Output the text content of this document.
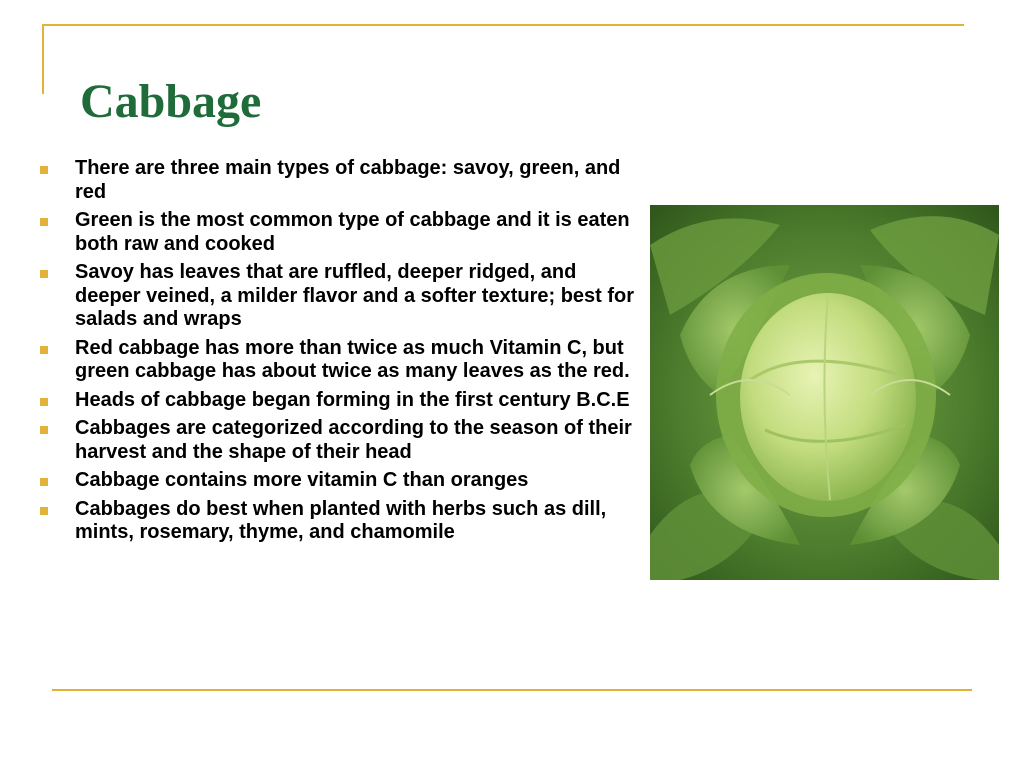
Cabbage
There are three main types of cabbage: savoy, green, and red
Green is the most common type of cabbage and it is eaten both raw and cooked
Savoy has leaves that are ruffled, deeper ridged, and deeper veined, a milder flavor and a softer texture; best for salads and wraps
Red cabbage has more than twice as much Vitamin C, but green cabbage has about twice as many leaves as the red.
Heads of cabbage began forming in the first century B.C.E
Cabbages are categorized according to the season of their harvest and the shape of their head
Cabbage contains more vitamin C than oranges
Cabbages do best when planted with herbs such as dill, mints, rosemary, thyme, and chamomile
